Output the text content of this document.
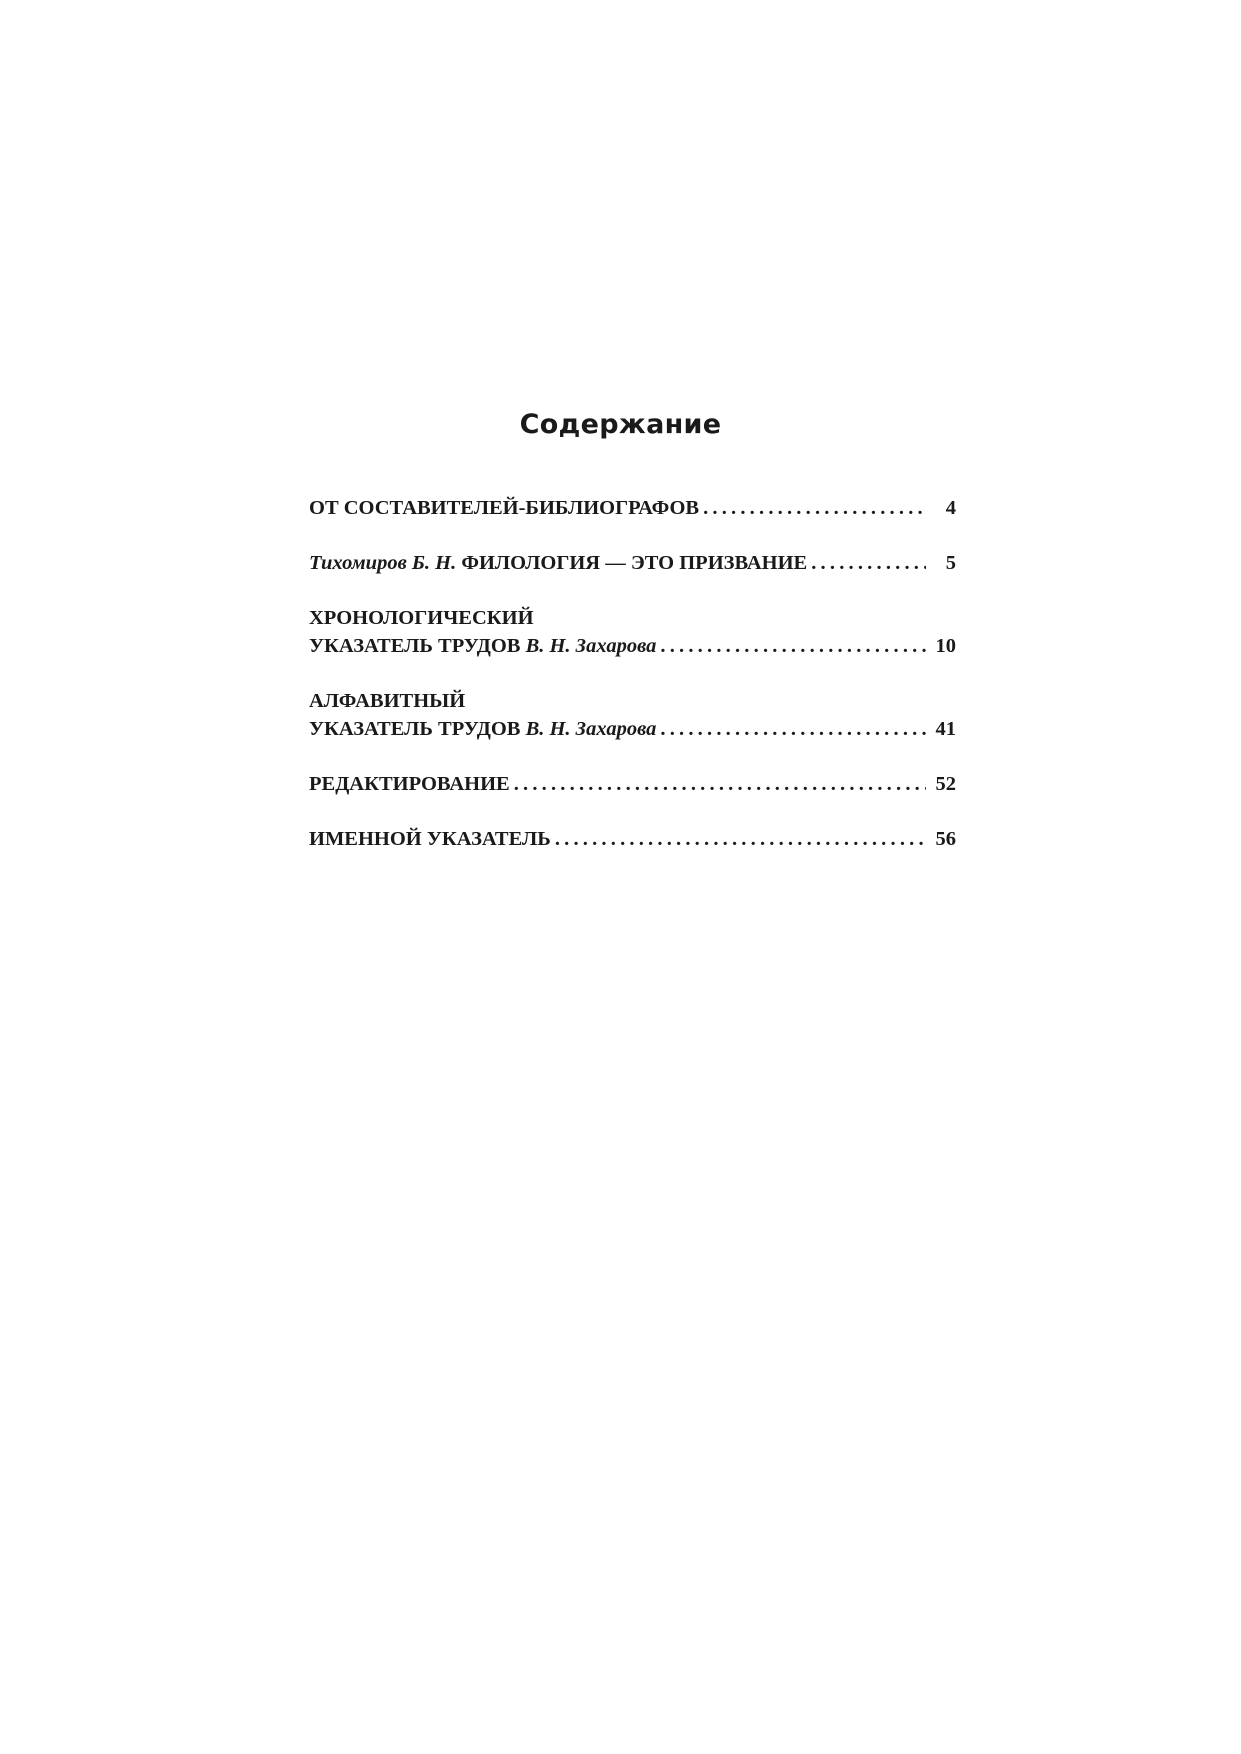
Содержание
ОТ СОСТАВИТЕЛЕЙ-БИБЛИОГРАФОВ .....	4
Тихомиров Б. Н. ФИЛОЛОГИЯ — ЭТО ПРИЗВАНИЕ .....	5
ХРОНОЛОГИЧЕСКИЙ
УКАЗАТЕЛЬ ТРУДОВ В. Н. Захарова .....	10
АЛФАВИТНЫЙ
УКАЗАТЕЛЬ ТРУДОВ В. Н. Захарова .....	41
РЕДАКТИРОВАНИЕ .....	52
ИМЕННОЙ УКАЗАТЕЛЬ .....	56
